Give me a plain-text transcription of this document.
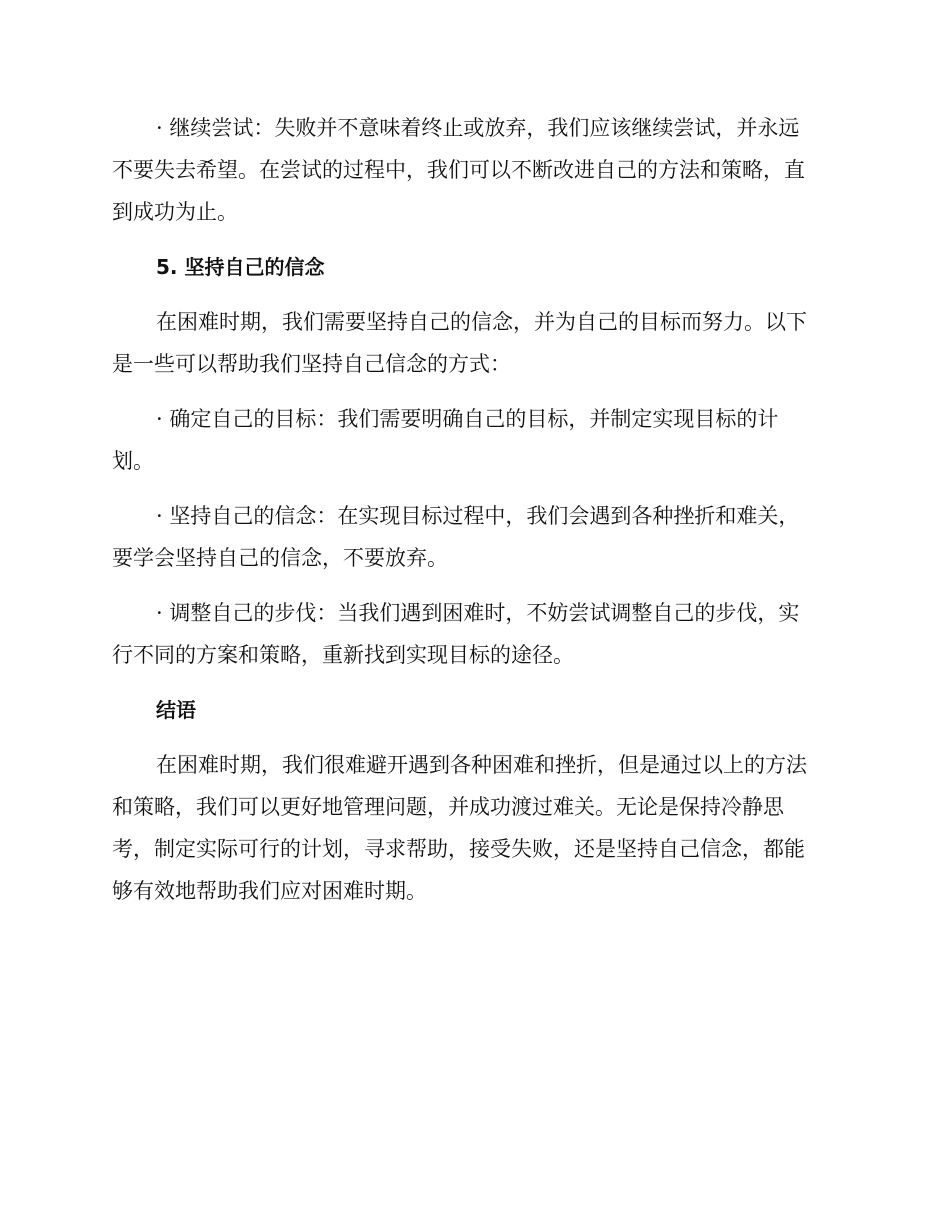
· 继续尝试：失败并不意味着终止或放弃，我们应该继续尝试，并永远
不要失去希望。在尝试的过程中，我们可以不断改进自己的方法和策略，直
到成功为止。
5. 坚持自己的信念
在困难时期，我们需要坚持自己的信念，并为自己的目标而努力。以下
是一些可以帮助我们坚持自己信念的方式：
· 确定自己的目标：我们需要明确自己的目标，并制定实现目标的计
划。
· 坚持自己的信念：在实现目标过程中，我们会遇到各种挫折和难关，
要学会坚持自己的信念，不要放弃。
· 调整自己的步伐：当我们遇到困难时，不妨尝试调整自己的步伐，实
行不同的方案和策略，重新找到实现目标的途径。
结语
在困难时期，我们很难避开遇到各种困难和挫折，但是通过以上的方法
和策略，我们可以更好地管理问题，并成功渡过难关。无论是保持冷静思
考，制定实际可行的计划，寻求帮助，接受失败，还是坚持自己信念，都能
够有效地帮助我们应对困难时期。
